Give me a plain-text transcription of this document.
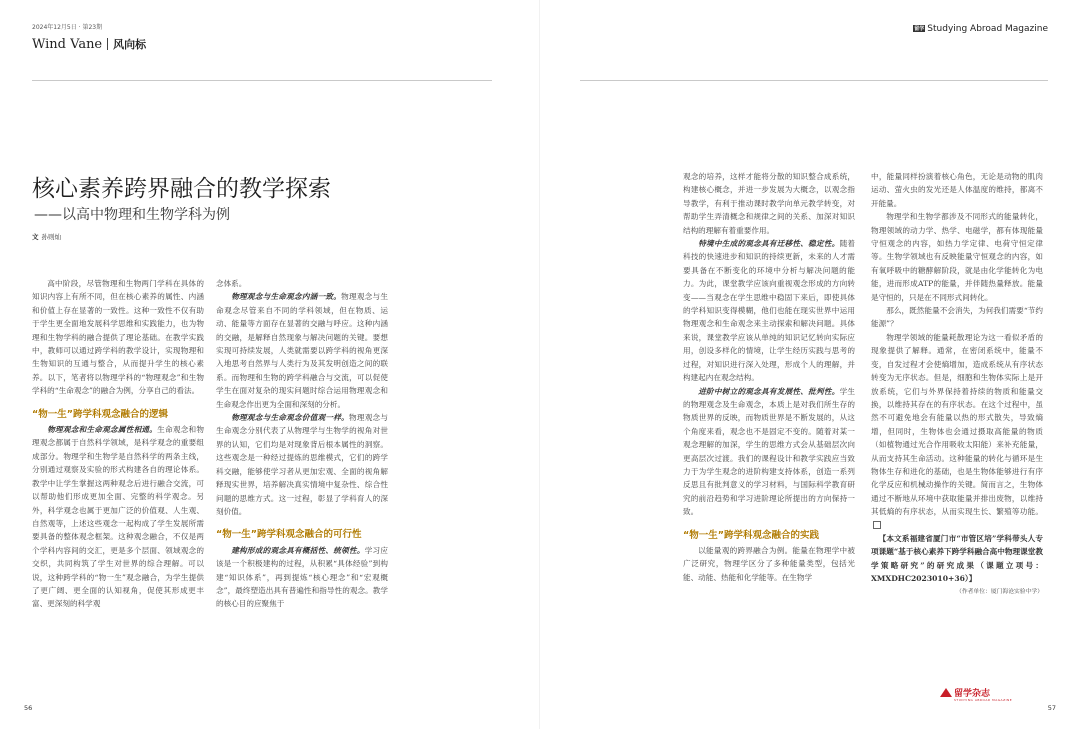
2024年12月5日 · 第23期
Wind Vane 风向标
核心素养跨界融合的教学探索
——以高中物理和生物学科为例
文 孙则灿

高中阶段，尽管物理和生物两门学科在具体的知识内容上有所不同，但在核心素养的属性、内涵和价值上存在显著的一致性。这种一致性不仅有助于学生更全面地发展科学思维和实践能力，也为物理和生物学科的融合提供了理论基础。在教学实践中，教师可以通过跨学科的教学设计，实现物理和生物知识的互通与整合，从而提升学生的核心素养。以下，笔者将以物理学科的“物理观念”和生物学科的“生命观念”的融合为例，分享自己的看法。

“物一生”跨学科观念融合的逻辑

物理观念和生命观念属性相通。生命观念和物理观念都属于自然科学领域，是科学观念的重要组成部分。物理学和生物学是自然科学的两条主线，分别通过观察及实验的形式构建各自的理论体系。教学中让学生掌握这两种观念后进行融合交流，可以帮助他们形成更加全面、完整的科学观念。另外，科学观念也属于更加广泛的价值观、人生观、自然观等，上述这些观念一起构成了学生发展所需要具备的整体观念框架。这种观念融合，不仅是两个学科内容间的交汇，更是多个层面、领域观念的交织，共同构筑了学生对世界的综合理解。可以说，这种跨学科的“物一生”观念融合，为学生提供了更广阔、更全面的认知视角，促使其形成更丰富、更深刻的科学观

念体系。

物理观念与生命观念内涵一致。物理观念与生命观念尽管来自不同的学科领域，但在物质、运动、能量等方面存在显著的交融与呼应。这种内涵的交融，是解释自然现象与解决问题的关键。要想实现可持续发展，人类就需要以跨学科的视角更深入地思考自然界与人类行为及其发明创造之间的联系。而物理和生物的跨学科融合与交流，可以促使学生在面对复杂的现实问题时综合运用物理观念和生命观念作出更为全面和深刻的分析。

物理观念与生命观念价值观一样。物理观念与生命观念分别代表了从物理学与生物学的视角对世界的认知，它们均是对现象背后根本属性的洞察。这些观念是一种经过提炼的思维模式，它们的跨学科交融，能够使学习者从更加宏观、全面的视角解释现实世界，培养解决真实情境中复杂性、综合性问题的思维方式。这一过程，彰显了学科育人的深刻价值。

“物一生”跨学科观念融合的可行性

建构形成的观念具有概括性、统领性。学习应该是一个积极建构的过程，从积累“具体经验”到构建“知识体系”，再到提炼“核心理念”和“宏观概念”，最终塑造出具有普遍性和指导性的观念。教学的核心目的应聚焦于

56
留学 Studying Abroad Magazine
57

观念的培养，这样才能将分散的知识整合成系统，构建核心概念，并进一步发展为大概念，以观念指导教学，有利于推动课时教学向单元教学转变，对帮助学生弄清概念和规律之间的关系、加深对知识结构的理解有着重要作用。

特境中生成的观念具有迁移性、稳定性。随着科技的快速进步和知识的持续更新，未来的人才需要具备在不断变化的环境中分析与解决问题的能力。为此，课堂教学应该向重视观念形成的方向转变——当观念在学生思维中稳固下来后，即使具体的学科知识变得模糊，他们也能在现实世界中运用物理观念和生命观念来主动探索和解决问题。具体来说，课堂教学应该从单纯的知识记忆转向实际应用，创设多样化的情境，让学生经历实践与思考的过程，对知识进行深入处理，形成个人的理解，并构建起内在观念结构。

进阶中树立的观念具有发展性、批判性。学生的物理观念及生命观念，本质上是对我们所生存的物质世界的反映，而物质世界是不断发展的，从这个角度来看，观念也不是固定不变的。随着对某一观念理解的加深，学生的思维方式会从基础层次向更高层次过渡。我们的课程设计和教学实践应当致力于为学生观念的进阶构建支持体系，创造一系列反思且有批判意义的学习材料，与国际科学教育研究的前沿趋势和学习进阶理论所提出的方向保持一致。

“物一生”跨学科观念融合的实践

以能量观的跨界融合为例。能量在物理学中被广泛研究，物理学区分了多种能量类型，包括光能、动能、热能和化学能等。在生物学

中，能量同样扮演着核心角色，无论是动物的肌肉运动、萤火虫的发光还是人体温度的维持，都离不开能量。

物理学和生物学都涉及不同形式的能量转化，物理领域的动力学、热学、电磁学，都有体现能量守恒观念的内容，如热力学定律、电荷守恒定律等。生物学领域也有反映能量守恒观念的内容，如有氧呼吸中的糖酵解阶段，就是由化学能转化为电能，进而形成ATP的能量，并伴随热量释放。能量是守恒的，只是在不同形式间转化。

那么，既然能量不会消失，为何我们需要“节约能源”？

物理学领域的能量耗散理论为这一看似矛盾的现象提供了解释。通常，在密闭系统中，能量不变，自发过程才会使熵增加，造成系统从有序状态转变为无序状态。但是，细胞和生物体实际上是开放系统，它们与外界保持着持续的物质和能量交换，以维持其存在的有序状态。在这个过程中，虽然不可避免地会有能量以热的形式散失，导致熵增，但同时，生物体也会通过摄取高能量的物质（如植物通过光合作用吸收太阳能）来补充能量，从而支持其生命活动。这种能量的转化与循环是生物体生存和进化的基础，也是生物体能够进行有序化学反应和机械动操作的关键。简而言之，生物体通过不断地从环境中获取能量并排出废物，以维持其低熵的有序状态，从而实现生长、繁殖等功能。

【本文系福建省厦门市“市管区培”学科带头人专项课题“基于核心素养下跨学科融合高中物理课堂教学策略研究”的研究成果（课题立项号：XMXDHC2023010+36）】

（作者单位：厦门海沧实验中学）
留学杂志
STUDYING ABROAD MAGAZINE
